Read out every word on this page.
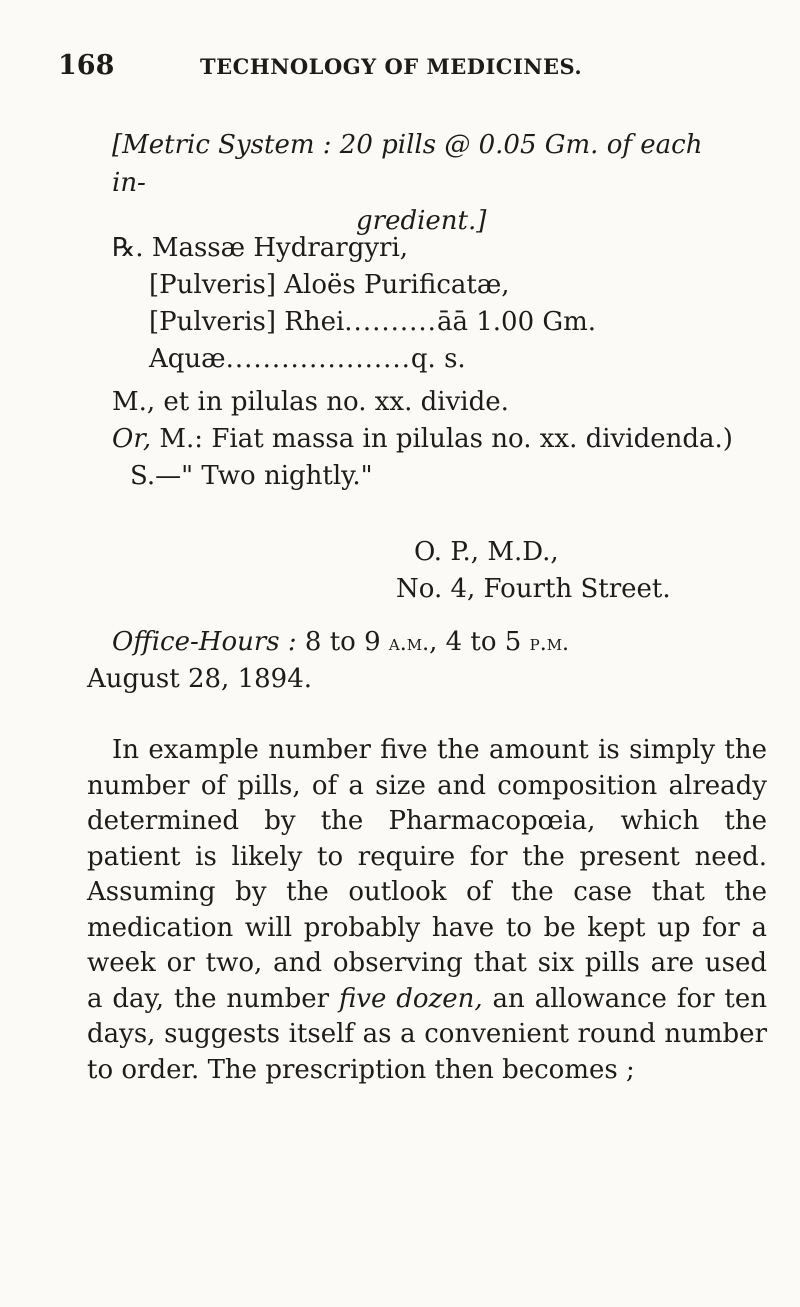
168	TECHNOLOGY OF MEDICINES.
[Metric System : 20 pills @ 0.05 Gm. of each in-
gredient.]
℞. Massæ Hydrargyri,
[Pulveris] Aloës Purificatæ,
[Pulveris] Rhei..........āā 1.00 Gm.
Aquæ....................q. s.
M., et in pilulas no. xx. divide.
Or, M.: Fiat massa in pilulas no. xx. dividenda.)
S.—" Two nightly."
O. P., M.D.,
No. 4, Fourth Street.
Office-Hours : 8 to 9 a.m., 4 to 5 p.m.
August 28, 1894.

In example number five the amount is simply the number of pills, of a size and composition already determined by the Pharmacopœia, which the patient is likely to require for the present need. Assuming by the outlook of the case that the medication will probably have to be kept up for a week or two, and observing that six pills are used a day, the number five dozen, an allowance for ten days, suggests itself as a convenient round number to order. The prescription then becomes ;
